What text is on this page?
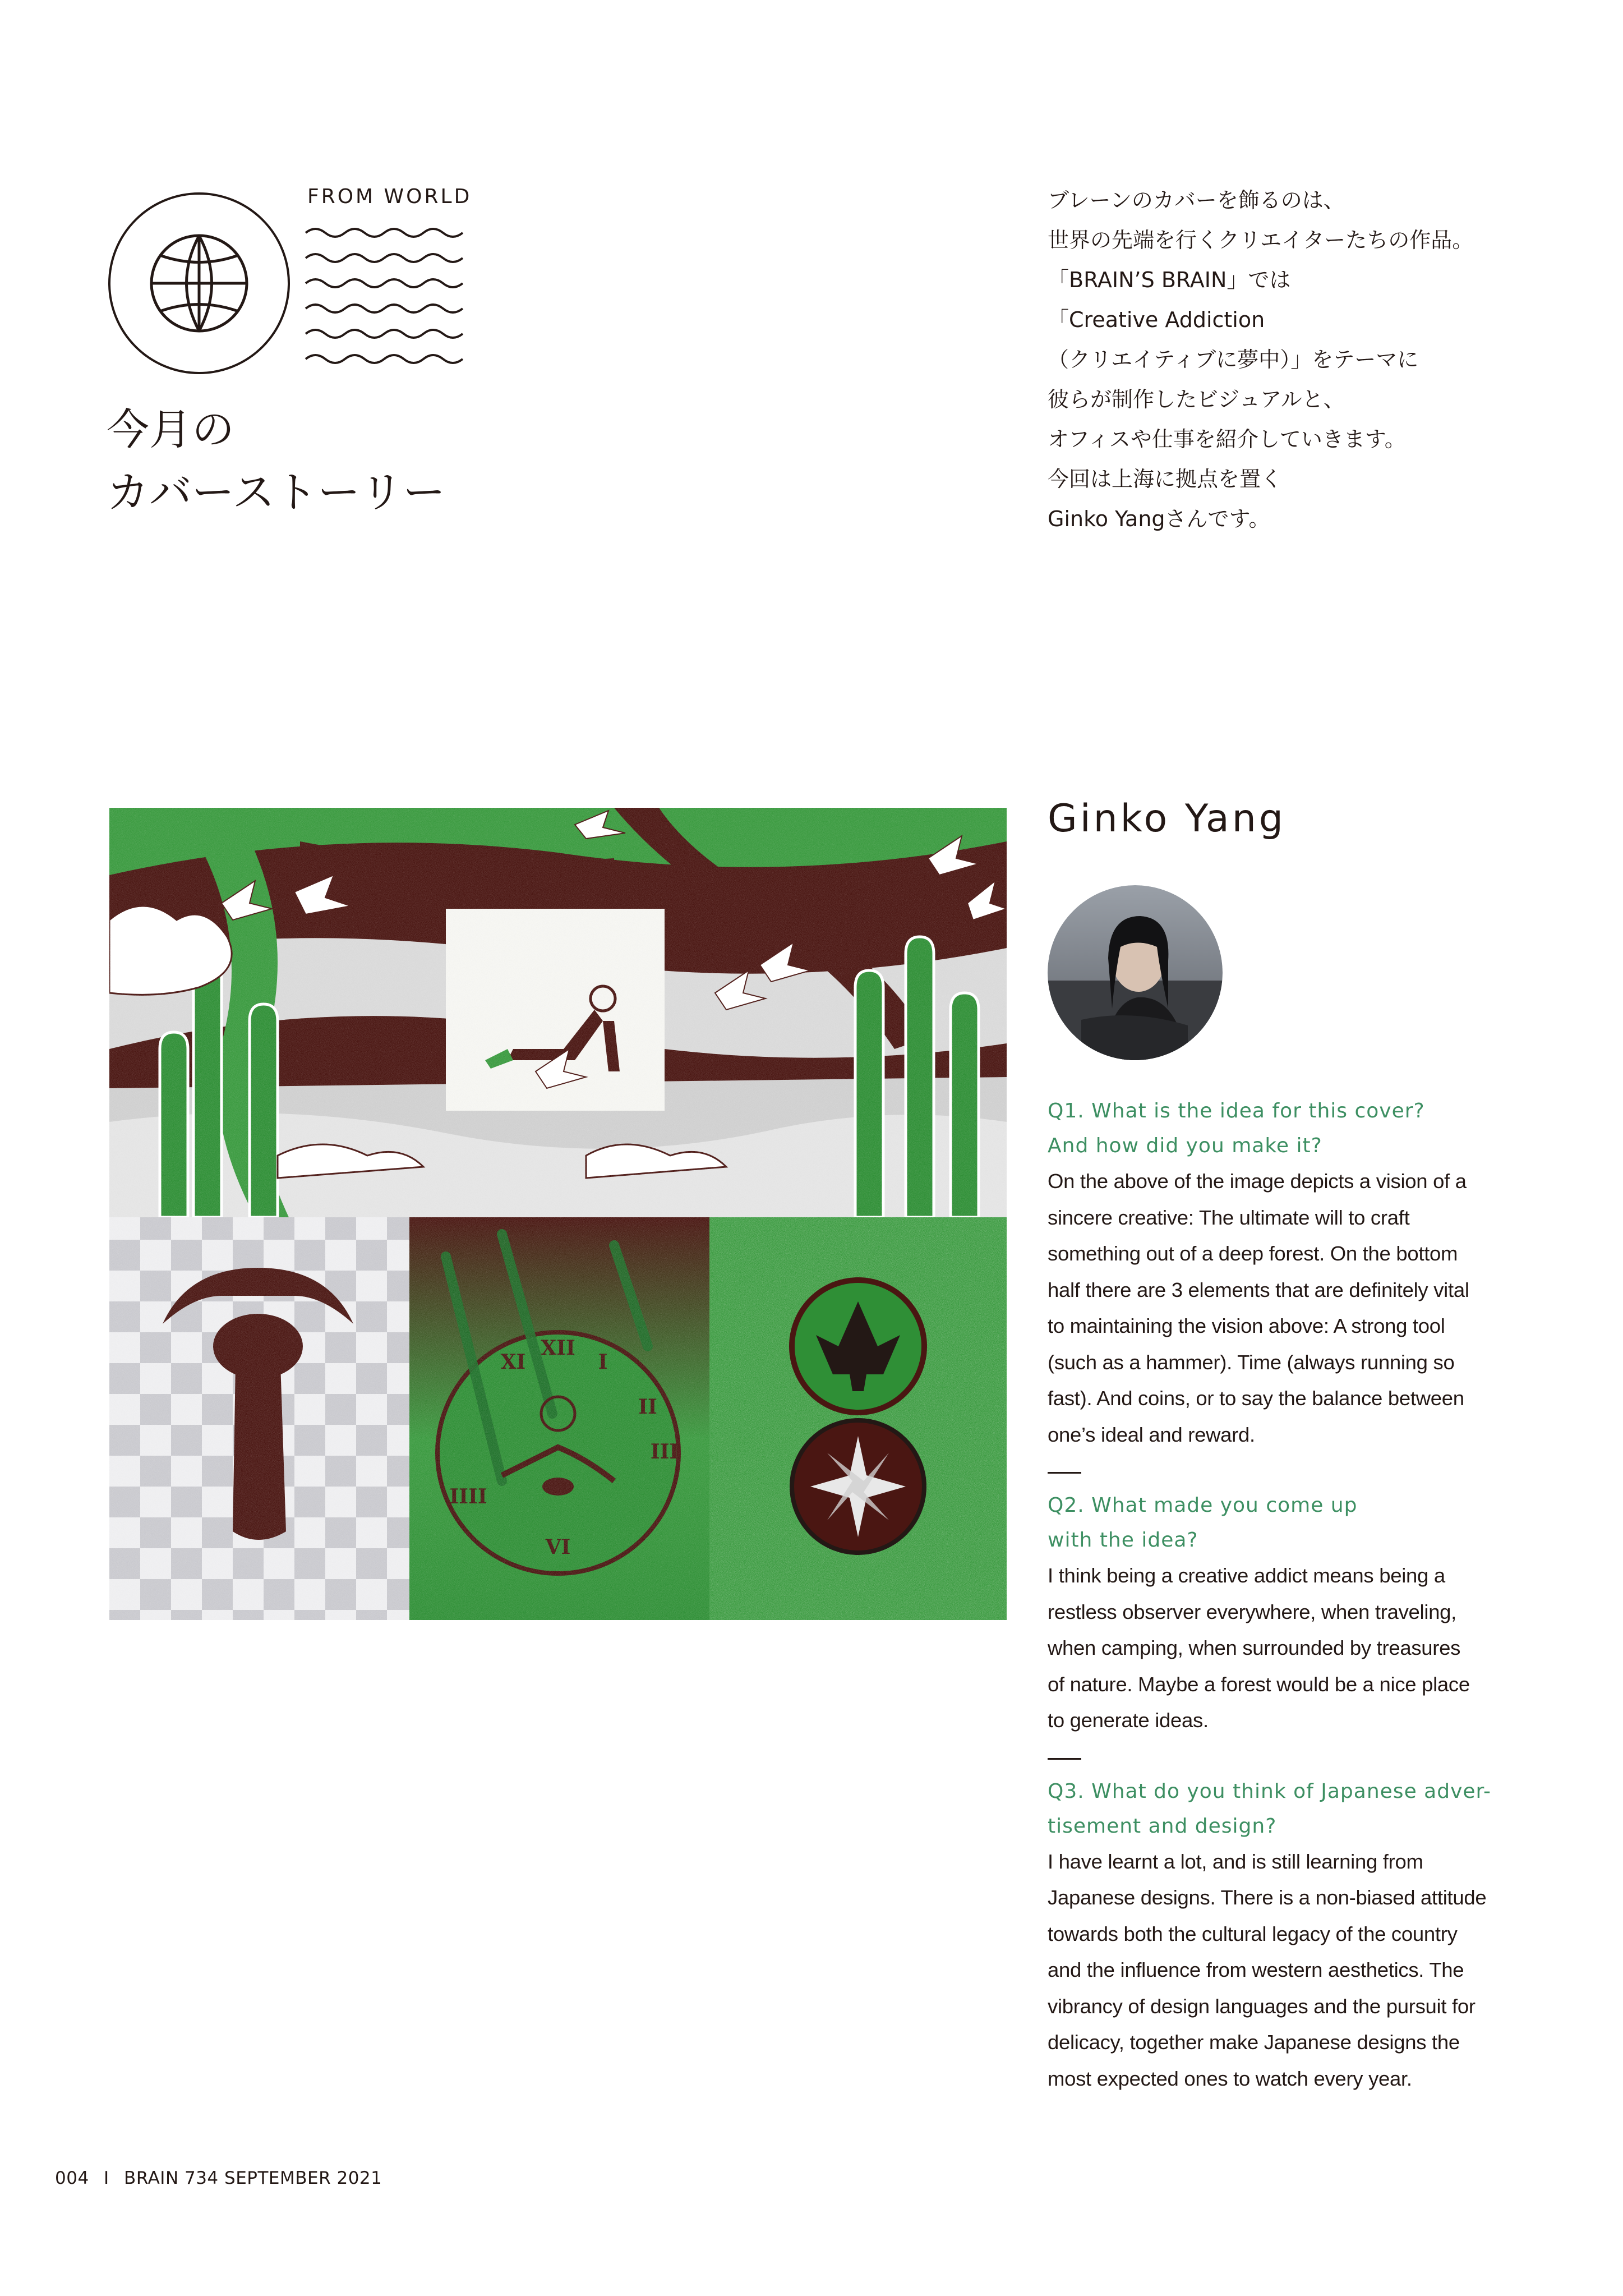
FROM WORLD
今月の
カバーストーリー
ブレーンのカバーを飾るのは、
世界の先端を行くクリエイターたちの作品。
「BRAIN’S BRAIN」では
「Creative Addiction
（クリエイティブに夢中）」をテーマに
彼らが制作したビジュアルと、
オフィスや仕事を紹介していきます。
今回は上海に拠点を置く
Ginko Yangさんです。
XI
XII
I
II
III
IIII
VI
Ginko Yang
Q1. What is the idea for this cover?
And how did you make it?
On the above of the image depicts a vision of a
sincere creative: The ultimate will to craft
something out of a deep forest. On the bottom
half there are 3 elements that are definitely vital
to maintaining the vision above: A strong tool
(such as a hammer). Time (always running so
fast). And coins, or to say the balance between
one’s ideal and reward.
Q2. What made you come up
with the idea?
I think being a creative addict means being a
restless observer everywhere, when traveling,
when camping, when surrounded by treasures
of nature. Maybe a forest would be a nice place
to generate ideas.
Q3. What do you think of Japanese adver-
tisement and design?
I have learnt a lot, and is still learning from
Japanese designs. There is a non-biased attitude
towards both the cultural legacy of the country
and the influence from western aesthetics. The
vibrancy of design languages and the pursuit for
delicacy, together make Japanese designs the
most expected ones to watch every year.
004 I BRAIN 734 SEPTEMBER 2021
